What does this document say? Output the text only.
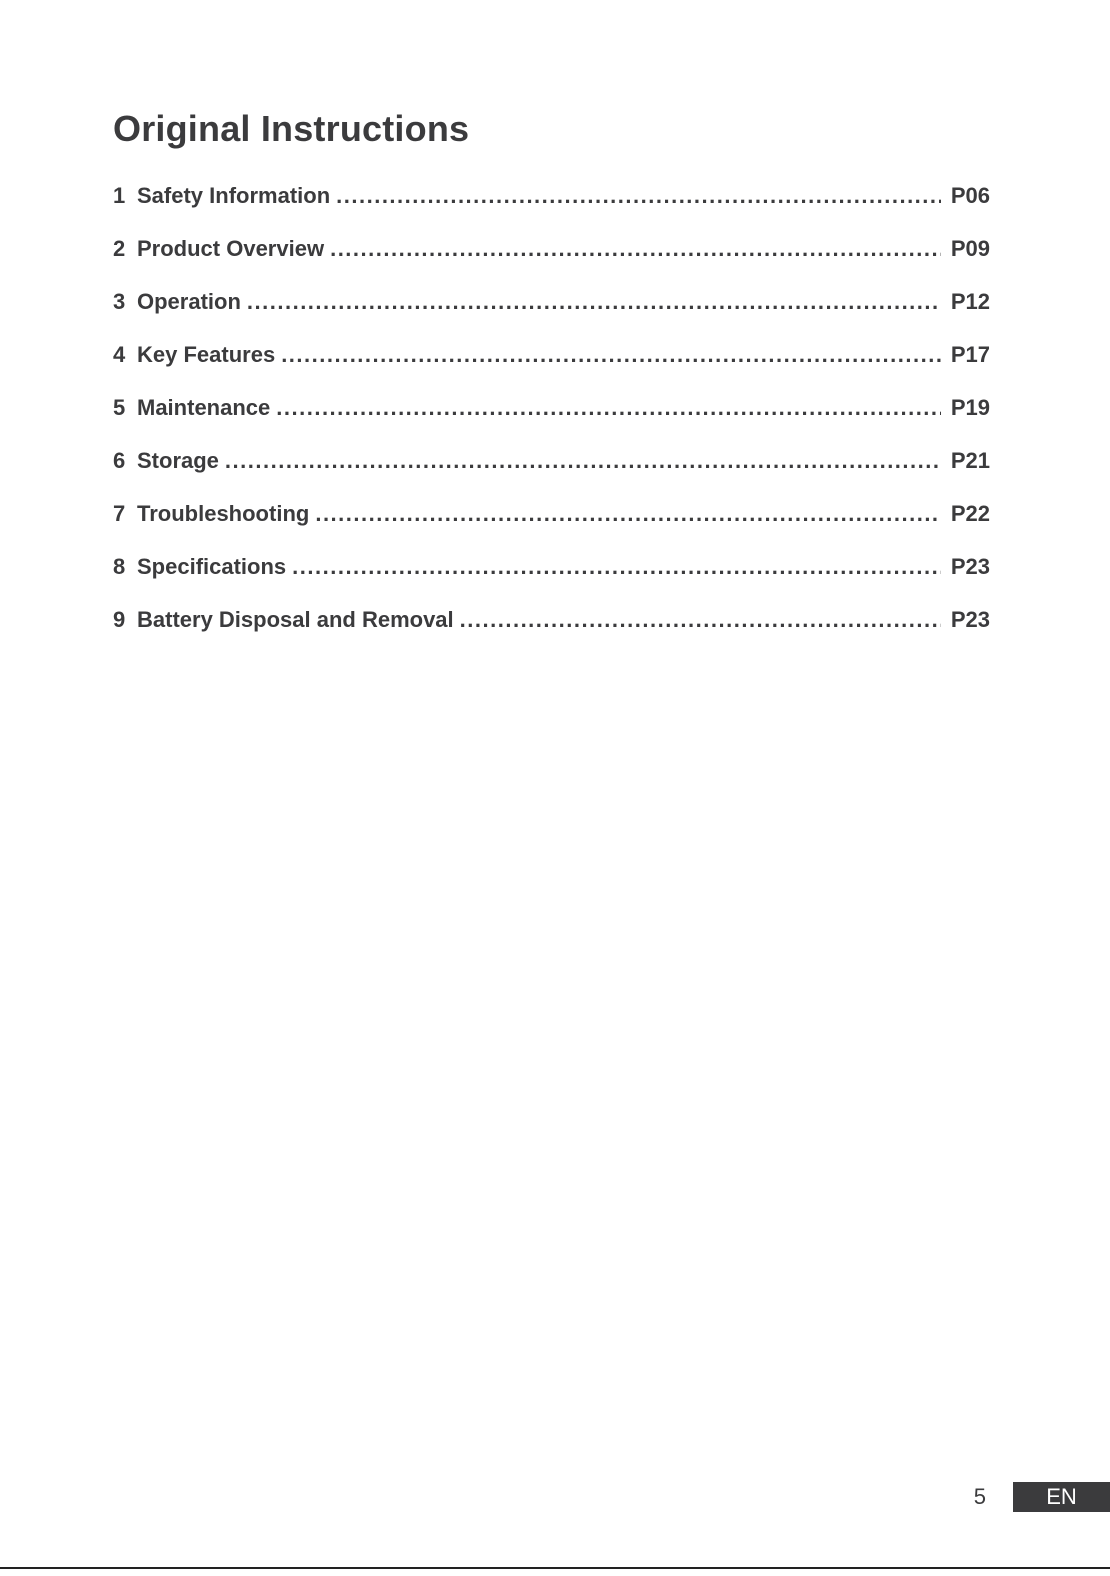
Original Instructions
1 Safety Information .....	P06
2 Product Overview .....	P09
3 Operation .....	P12
4 Key Features .....	P17
5 Maintenance .....	P19
6 Storage .....	P21
7 Troubleshooting .....	P22
8 Specifications .....	P23
9 Battery Disposal and Removal .....	P23
5	EN
